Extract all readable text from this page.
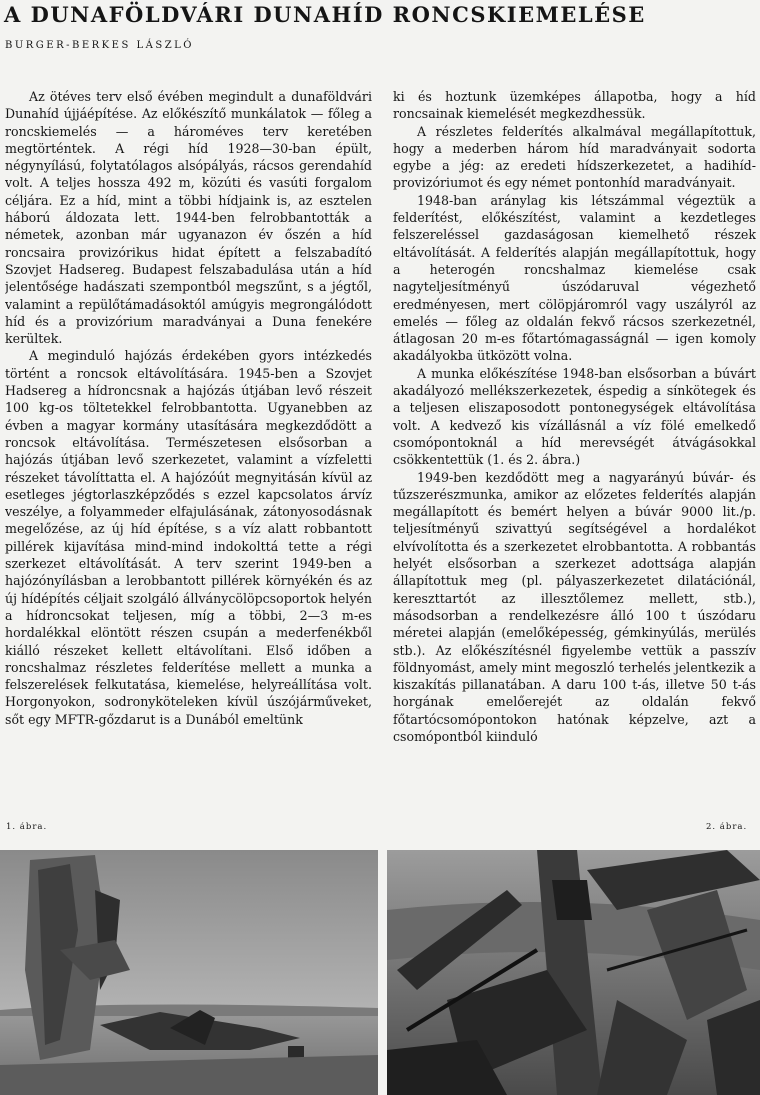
A DUNAFÖLDVÁRI DUNAHÍD RONCSKIEMELÉSE
BURGER-BERKES LÁSZLÓ

Az ötéves terv első évében megindult a dunaföldvári Dunahíd újjáépítése. Az előkészítő munkálatok — főleg a roncskiemelés — a hároméves terv keretében megtörténtek. A régi híd 1928—30-ban épült, négynyílású, folytatólagos alsópályás, rácsos gerendahíd volt. A teljes hossza 492 m, közúti és vasúti forgalom céljára. Ez a híd, mint a többi hídjaink is, az esztelen háború áldozata lett. 1944-ben felrobbantották a németek, azonban már ugyanazon év őszén a híd roncsaira provizórikus hidat épített a felszabadító Szovjet Hadsereg. Budapest felszabadulása után a híd jelentősége hadászati szempontból megszűnt, s a jégtől, valamint a repülőtámadásoktól amúgyis megrongálódott híd és a provizórium maradványai a Duna fenekére kerültek.

A meginduló hajózás érdekében gyors intézkedés történt a roncsok eltávolítására. 1945-ben a Szovjet Hadsereg a hídroncsnak a hajózás útjában levő részeit 100 kg-os töltetekkel felrobbantotta. Ugyanebben az évben a magyar kormány utasítására megkezdődött a roncsok eltávolítása. Természetesen elsősorban a hajózás útjában levő szerkezetet, valamint a vízfeletti részeket távolíttatta el. A hajózóút megnyitásán kívül az esetleges jégtorlaszképződés s ezzel kapcsolatos árvíz veszélye, a folyammeder elfajulásának, zátonyosodásnak megelőzése, az új híd építése, s a víz alatt robbantott pillérek kijavítása mind-mind indokolttá tette a régi szerkezet eltávolítását. A terv szerint 1949-ben a hajózónyílásban a lerobbantott pillérek környékén és az új hídépítés céljait szolgáló állványcölöpcsoportok helyén a hídroncsokat teljesen, míg a többi, 2—3 m-es hordalékkal elöntött részen csupán a mederfenékből kiálló részeket kellett eltávolítani. Első időben a roncshalmaz részletes felderítése mellett a munka a felszerelések felkutatása, kiemelése, helyreállítása volt. Horgonyokon, sodronyköteleken kívül úszójárműveket, sőt egy MFTR-gőzdarut is a Dunából emeltünk

ki és hoztunk üzemképes állapotba, hogy a híd roncsainak kiemelését megkezdhessük.

A részletes felderítés alkalmával megállapítottuk, hogy a mederben három híd maradványait sodorta egybe a jég: az eredeti hídszerkezetet, a hadihíd-provizóriumot és egy német pontonhíd maradványait.

1948-ban aránylag kis létszámmal végeztük a felderítést, előkészítést, valamint a kezdetleges felszereléssel gazdaságosan kiemelhető részek eltávolítását. A felderítés alapján megállapítottuk, hogy a heterogén roncshalmaz kiemelése csak nagyteljesítményű úszódaruval végezhető eredményesen, mert cölöpjáromról vagy uszályról az emelés — főleg az oldalán fekvő rácsos szerkezetnél, átlagosan 20 m-es főtartómagasságnál — igen komoly akadályokba ütközött volna.

A munka előkészítése 1948-ban elsősorban a búvárt akadályozó mellékszerkezetek, éspedig a sínkötegek és a teljesen eliszaposodott pontonegységek eltávolítása volt. A kedvező kis vízállásnál a víz fölé emelkedő csomópontoknál a híd merevségét átvágásokkal csökkentettük (1. és 2. ábra.)

1949-ben kezdődött meg a nagyarányú búvár- és tűzszerészmunka, amikor az előzetes felderítés alapján megállapított és bemért helyen a búvár 9000 lit./p. teljesítményű szivattyú segítségével a hordalékot elvívolította és a szerkezetet elrobbantotta. A robbantás helyét elsősorban a szerkezet adottsága alapján állapítottuk meg (pl. pályaszerkezetet dilatációnál, kereszttartót az illesztőlemez mellett, stb.), másodsorban a rendelkezésre álló 100 t úszódaru méretei alapján (emelőképesség, gémkinyúlás, merülés stb.). Az előkészítésnél figyelembe vettük a passzív földnyomást, amely mint megoszló terhelés jelentkezik a kiszakítás pillanatában. A daru 100 t-ás, illetve 50 t-ás horgának emelőerejét az oldalán fekvő főtartócsomópontokon hatónak képzelve, azt a csomópontból kiinduló

1. ábra.	2. ábra.
